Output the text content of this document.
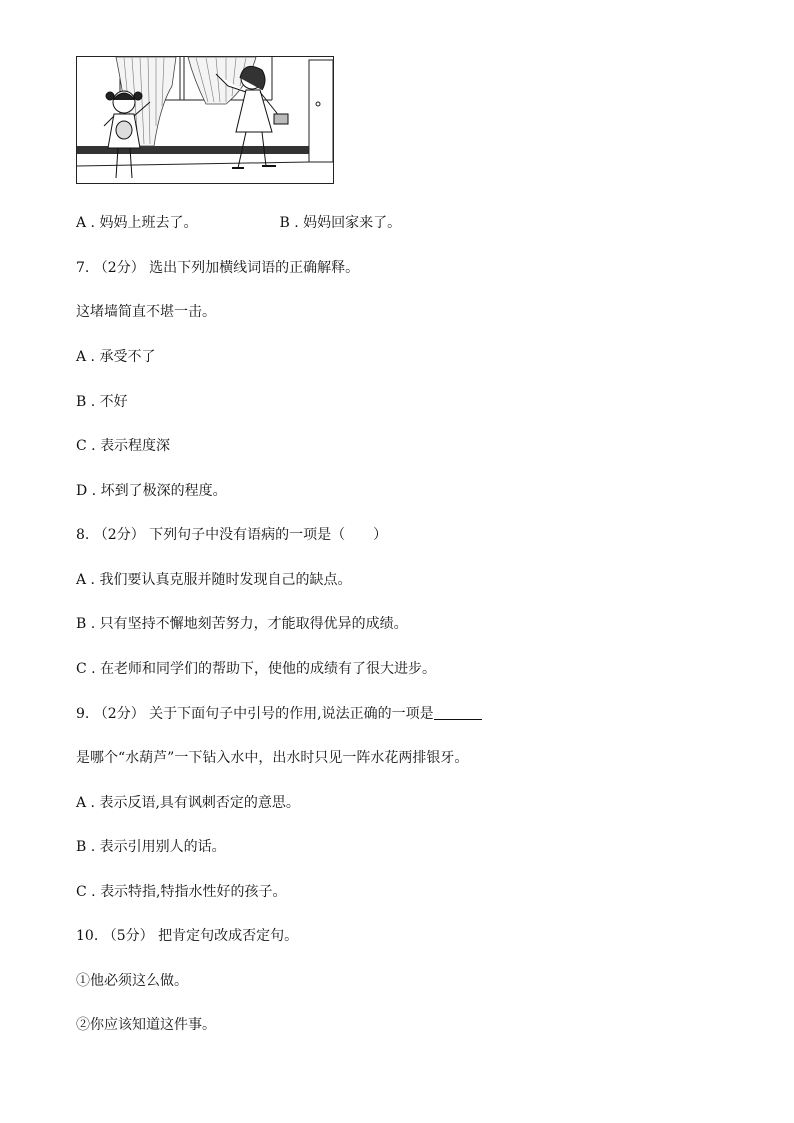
A . 妈妈上班去了。	B . 妈妈回家来了。
7. （2分） 选出下列加横线词语的正确解释。
这堵墙简直不堪一击。
A . 承受不了
B . 不好
C . 表示程度深
D . 坏到了极深的程度。
8. （2分） 下列句子中没有语病的一项是（　　）
A . 我们要认真克服并随时发现自己的缺点。
B . 只有坚持不懈地刻苦努力，才能取得优异的成绩。
C . 在老师和同学们的帮助下，使他的成绩有了很大进步。
9. （2分） 关于下面句子中引号的作用,说法正确的一项是
是哪个“水葫芦”一下钻入水中，出水时只见一阵水花两排银牙。
A . 表示反语,具有讽刺否定的意思。
B . 表示引用别人的话。
C . 表示特指,特指水性好的孩子。
10. （5分） 把肯定句改成否定句。
①他必须这么做。
②你应该知道这件事。
